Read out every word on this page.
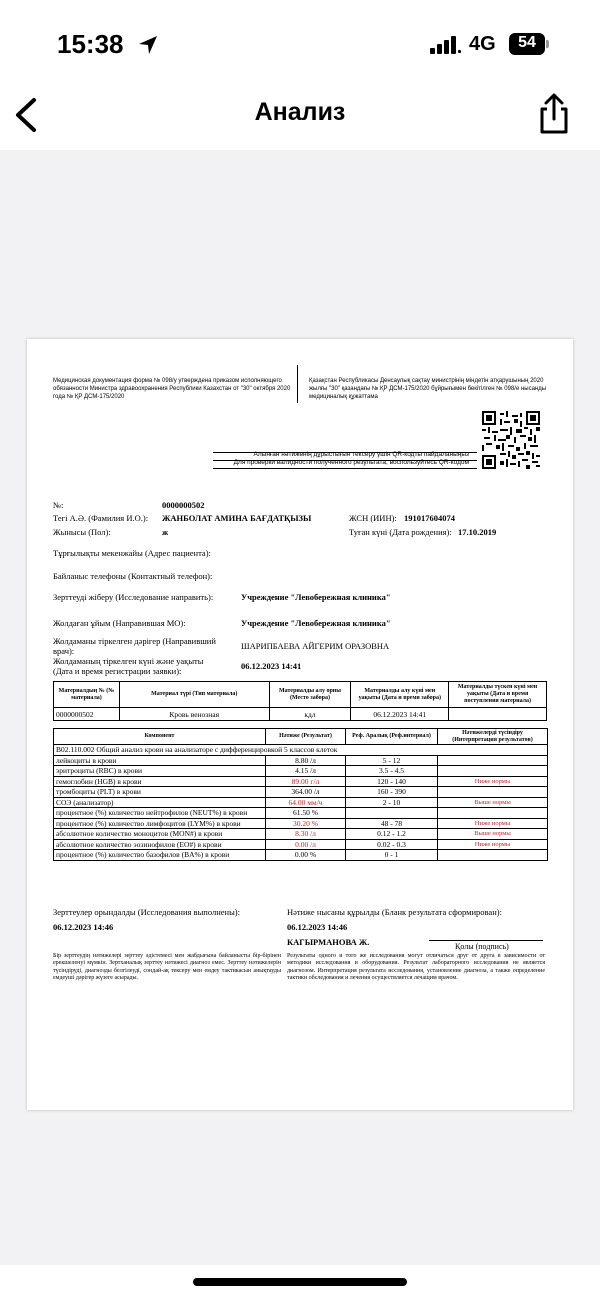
15:38	4G	54
Анализ
Медицинская документация форма № 098/у утверждена приказом исполняющего обязанности Министра здравоохранения Республики Казахстан от "30" октября 2020 года № ҚР ДСМ-175/2020
Қазақстан Республикасы Денсаулық сақтау министрінің міндетін атқарушының 2020 жылғы "30" қазандағы № ҚР ДСМ-175/2020 бұйрығымен бекітілген № 098/е нысанды медициналық құжаттама
Алынған нәтиженің дұрыстығын тексеру үшін QR-кодты пайдаланыңыз
Для проверки валидности полученного результата, воспользуйтесь QR-кодом
№:	0000000502
Тегі А.Ә. (Фамилия И.О.): ЖАНБОЛАТ АМИНА БАҒДАТҚЫЗЫ	ЖСН (ИИН): 191017604074
Жынысы (Пол):	ж	Туған күні (Дата рождения): 17.10.2019
Тұрғылықты мекенжайы (Адрес пациента):
Байланыс телефоны (Контактный телефон):
Зерттеуді жіберу (Исследование направить):	Учреждение "Левобережная клиника"
Жолдаған ұйым (Направившая МО):	Учреждение "Левобережная клиника"
Жолдаманы тіркелген дәрігер (Направивший
врач):	ШАРИПБАЕВА АЙГЕРИМ ОРАЗОВНА
Жолдаманың тіркелген күні және уақыты
(Дата и время регистрации заявки):	06.12.2023 14:41
Материалдың № (№ материала)	Материал түрі (Тип материала)	Материалды алу орны (Место забора)	Материалды алу күні мен уақыты (Дата и время забора)	Материалды түскен күні мен уақыты (Дата и время поступления материала)
0000000502	Кровь венозная	кдл	06.12.2023 14:41	
Компонент	Нәтиже (Результат)	Реф. Аралық (Реф.интервал)	Нәтижелерді түсіндіру (Интерпретация результатов)
B02.110.002 Общий анализ крови на анализаторе с дифференцировкой 5 классов клеток			
лейкоциты в крови	8.80 /л	5 - 12	
эритроциты (RBC) в крови	4.15 /л	3.5 - 4.5	
гемоглобин (HGB) в крови	89.00 г/л	120 - 140	Ниже нормы
тромбоциты (PLT) в крови	364.00 /л	160 - 390	
СОЭ (анализатор)	64.00 мм/ч	2 - 10	Выше нормы
процентное (%) количество нейтрофилов (NEUT%) в крови	61.50 %		
процентное (%) количество лимфоцитов (LYM%) в крови	30.20 %	48 - 78	Ниже нормы
абсолютное количество моноцитов (MON#) в крови	8.30 /л	0.12 - 1.2	Выше нормы
абсолютное количество эозинофилов (EO#) в крови	0.00 /л	0.02 - 0.3	Ниже нормы
процентное (%) количество базофилов (BA%) в крови	0.00 %	0 - 1	
Зерттеулер орындалды (Исследования выполнены):
06.12.2023 14:46
Нәтиже нысаны құрылды (Бланк результата сформирован):
06.12.2023 14:46
КАГЫРМАНОВА Ж.	Қолы (подпись)
Бір зерттеудің нәтижелері зерттеу әдістемесі мен жабдығына байланысты бір-бірінен ерекшеленуі мүмкін. Зертханалық зерттеу нәтижесі диагноз емес. Зерттеу нәтижелерін түсіндіруді, диагнозды белгілеуді, сондай-ақ тексеру мен емдеу тактикасын анықтауды емдеуші дәрігер жүзеге асырады.
Результаты одного и того же исследования могут отличаться друг от друга в зависимости от методики исследования и оборудования. Результат лабораторного исследования не является диагнозом. Интерпретация результата исследования, установление диагноза, а также определение тактики обследования и лечения осуществляется лечащим врачом.
